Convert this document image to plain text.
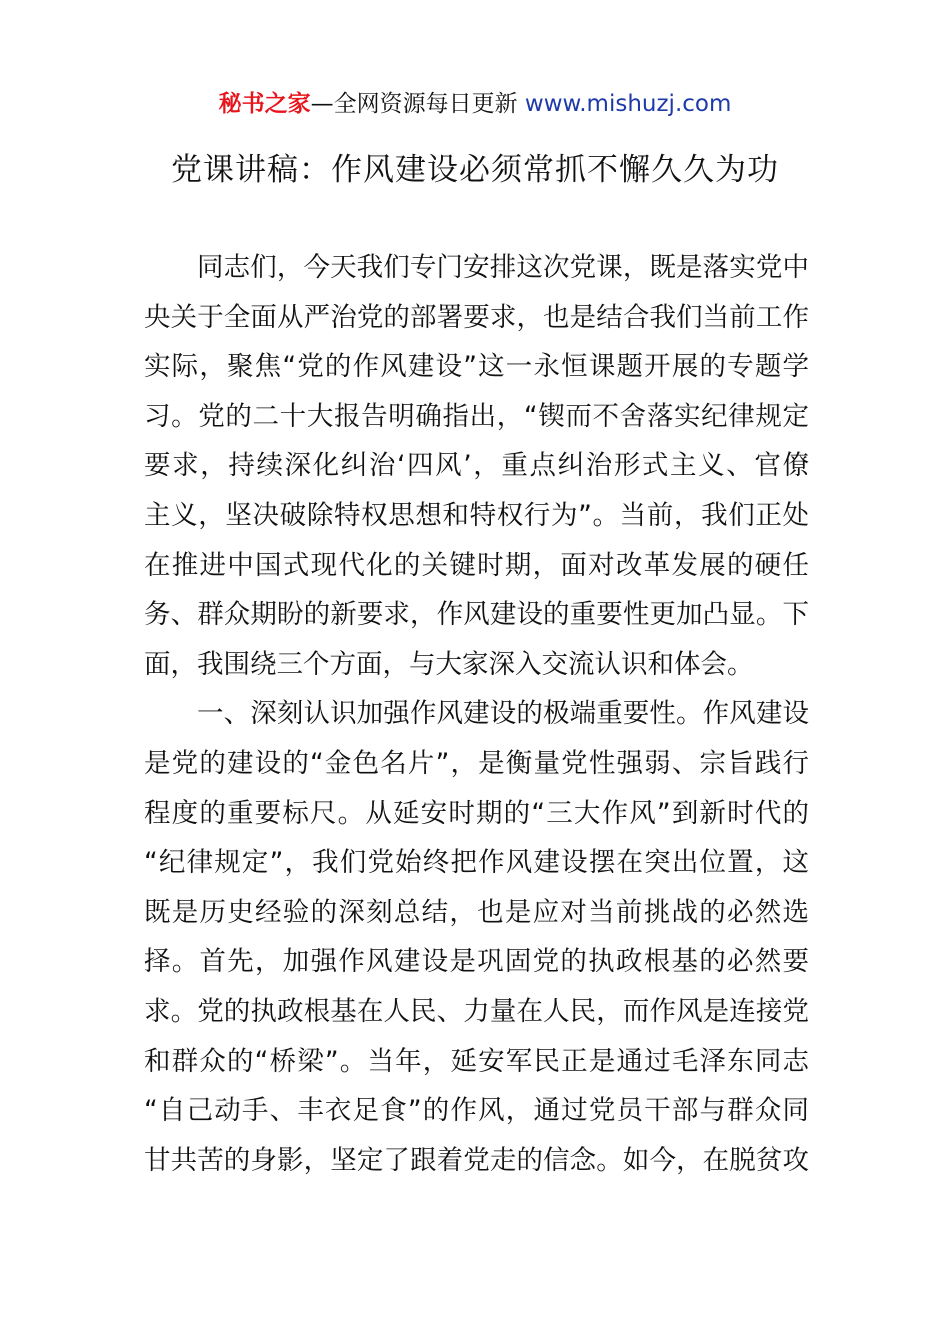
秘书之家—全网资源每日更新 www.mishuzj.com
党课讲稿：作风建设必须常抓不懈久久为功
同志们，今天我们专门安排这次党课，既是落实党中
央关于全面从严治党的部署要求，也是结合我们当前工作
实际，聚焦“党的作风建设”这一永恒课题开展的专题学
习。党的二十大报告明确指出，“锲而不舍落实纪律规定
要求，持续深化纠治‘四风’，重点纠治形式主义、官僚
主义，坚决破除特权思想和特权行为”。当前，我们正处
在推进中国式现代化的关键时期，面对改革发展的硬任
务、群众期盼的新要求，作风建设的重要性更加凸显。下
面，我围绕三个方面，与大家深入交流认识和体会。
一、深刻认识加强作风建设的极端重要性。作风建设
是党的建设的“金色名片”，是衡量党性强弱、宗旨践行
程度的重要标尺。从延安时期的“三大作风”到新时代的
“纪律规定”，我们党始终把作风建设摆在突出位置，这
既是历史经验的深刻总结，也是应对当前挑战的必然选
择。首先，加强作风建设是巩固党的执政根基的必然要
求。党的执政根基在人民、力量在人民，而作风是连接党
和群众的“桥梁”。当年，延安军民正是通过毛泽东同志
“自己动手、丰衣足食”的作风，通过党员干部与群众同
甘共苦的身影，坚定了跟着党走的信念。如今，在脱贫攻
